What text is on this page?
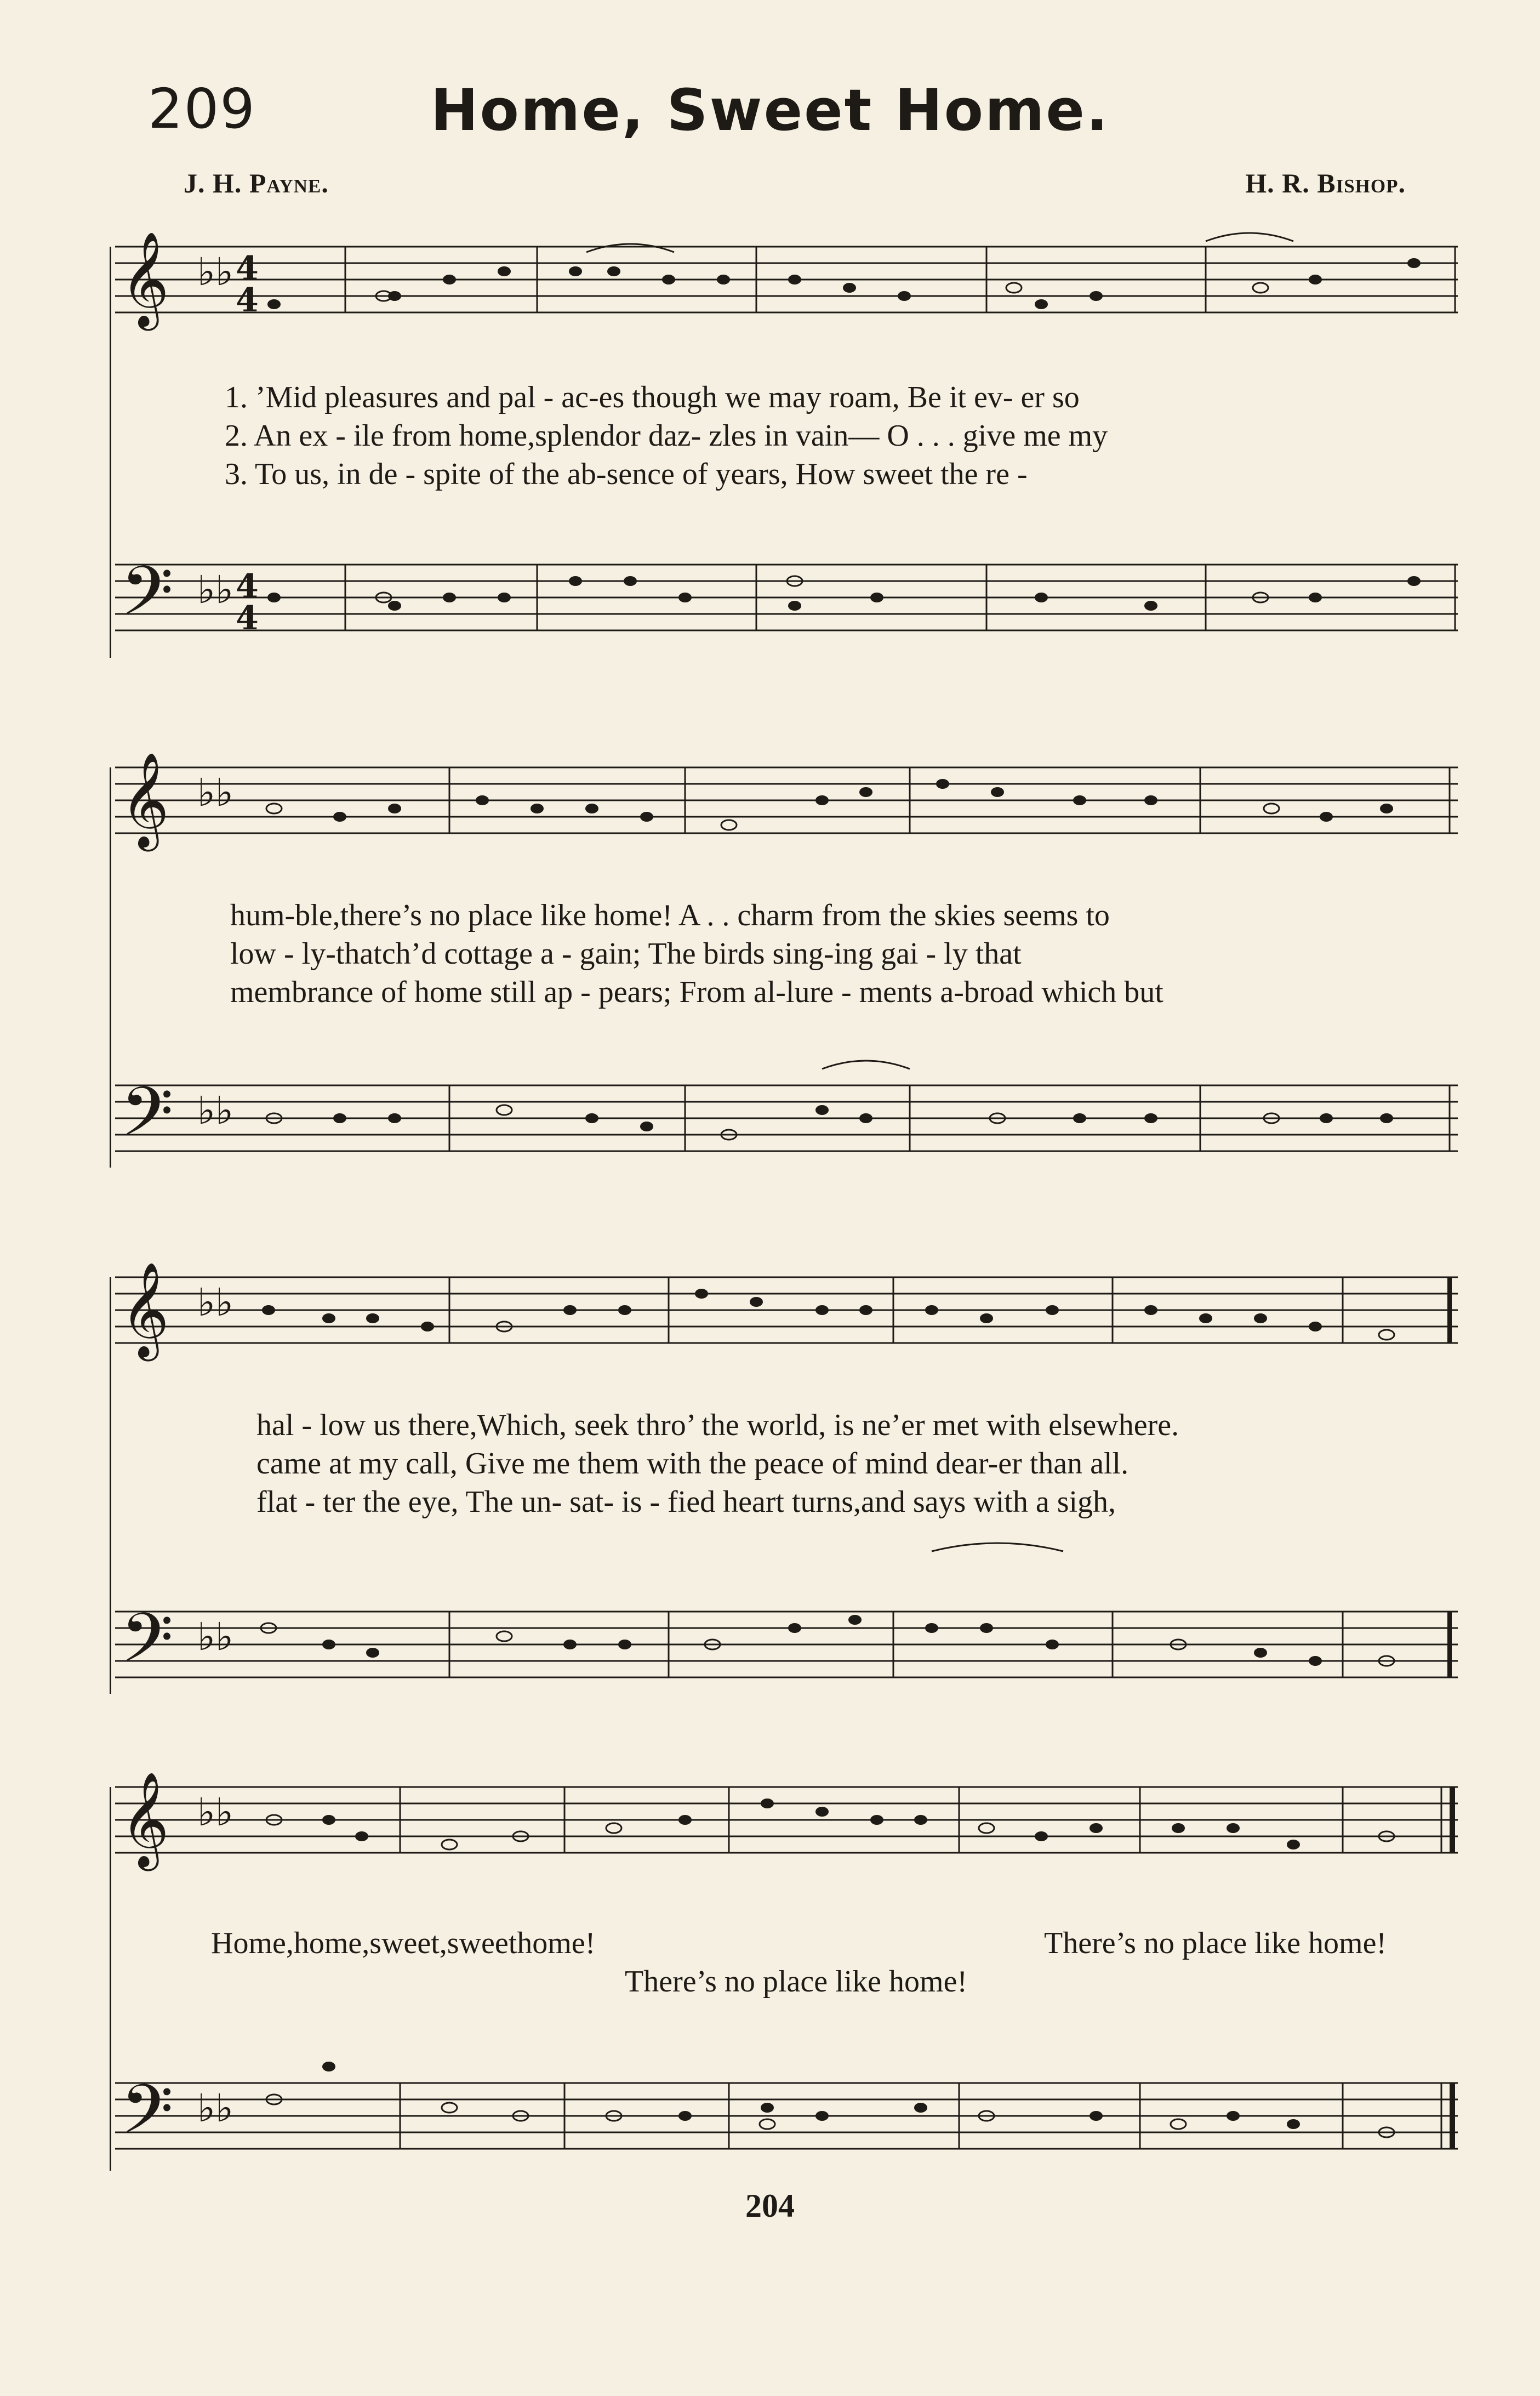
209	Home, Sweet Home.
J. H. Payne.	H. R. Bishop.
𝄞
𝄢
♭♭
♭♭
4
4
4
4
1. ’Mid pleasures and pal - ac-es though we may roam, Be it ev- er so
2. An ex - ile from home,splendor daz- zles in vain— O . . . give me my
3. To us, in de - spite of the ab-sence of years, How sweet the re -
𝄞
𝄢
♭♭
♭♭
hum-ble,there’s no place like home! A . . charm from the skies seems to
low - ly-thatch’d cottage a - gain; The birds sing-ing gai - ly that
membrance of home still ap - pears; From al-lure - ments a-broad which but
𝄞
𝄢
♭♭
♭♭
hal - low us there,Which, seek thro’ the world, is ne’er met with elsewhere.
came at my call, Give me them with the peace of mind dear-er than all.
flat - ter the eye, The un- sat- is - fied heart turns,and says with a sigh,
𝄞
𝄢
♭♭
♭♭
Home,home,sweet,sweethome!	There’s no place like home!
There’s no place like home!
204
